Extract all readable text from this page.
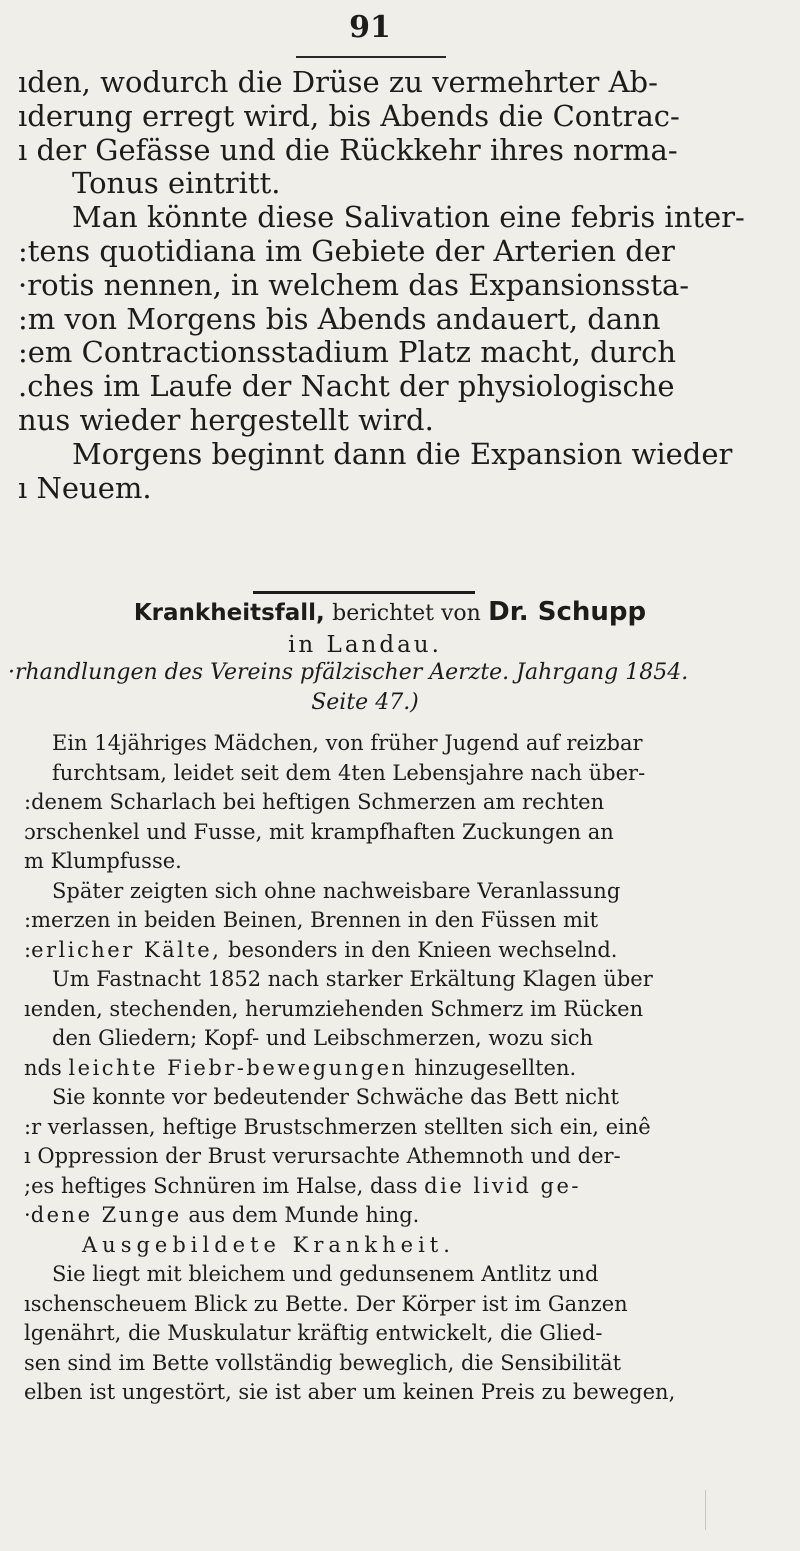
91
ıden, wodurch die Drüse zu vermehrter Ab-
ıderung erregt wird, bis Abends die Contrac-
ı der Gefässe und die Rückkehr ihres norma-
Tonus eintritt.
Man könnte diese Salivation eine febris inter-
:tens quotidiana im Gebiete der Arterien der
·rotis nennen, in welchem das Expansionssta-
:m von Morgens bis Abends andauert, dann
:em Contractionsstadium Platz macht, durch
.ches im Laufe der Nacht der physiologische
nus wieder hergestellt wird.
Morgens beginnt dann die Expansion wieder
ı Neuem.
Krankheitsfall, berichtet von Dr. Schupp
in Landau.
·rhandlungen des Vereins pfälzischer Aerzte. Jahrgang 1854.
Seite 47.)
Ein 14jähriges Mädchen, von früher Jugend auf reizbar
furchtsam, leidet seit dem 4ten Lebensjahre nach über-
:denem Scharlach bei heftigen Schmerzen am rechten
ɔrschenkel und Fusse, mit krampfhaften Zuckungen an
m Klumpfusse.
Später zeigten sich ohne nachweisbare Veranlassung
:merzen in beiden Beinen, Brennen in den Füssen mit
:erlicher Kälte, besonders in den Knieen wechselnd.
Um Fastnacht 1852 nach starker Erkältung Klagen über
ıenden, stechenden, herumziehenden Schmerz im Rücken
den Gliedern; Kopf- und Leibschmerzen, wozu sich
nds leichte Fiebr-bewegungen hinzugesellten.
Sie konnte vor bedeutender Schwäche das Bett nicht
:r verlassen, heftige Brustschmerzen stellten sich ein, einê
ı Oppression der Brust verursachte Athemnoth und der-
;es heftiges Schnüren im Halse, dass die livid ge-
·dene Zunge aus dem Munde hing.
Ausgebildete Krankheit.
Sie liegt mit bleichem und gedunsenem Antlitz und
ıschenscheuem Blick zu Bette. Der Körper ist im Ganzen
lgenährt, die Muskulatur kräftig entwickelt, die Glied-
sen sind im Bette vollständig beweglich, die Sensibilität
elben ist ungestört, sie ist aber um keinen Preis zu bewegen,
